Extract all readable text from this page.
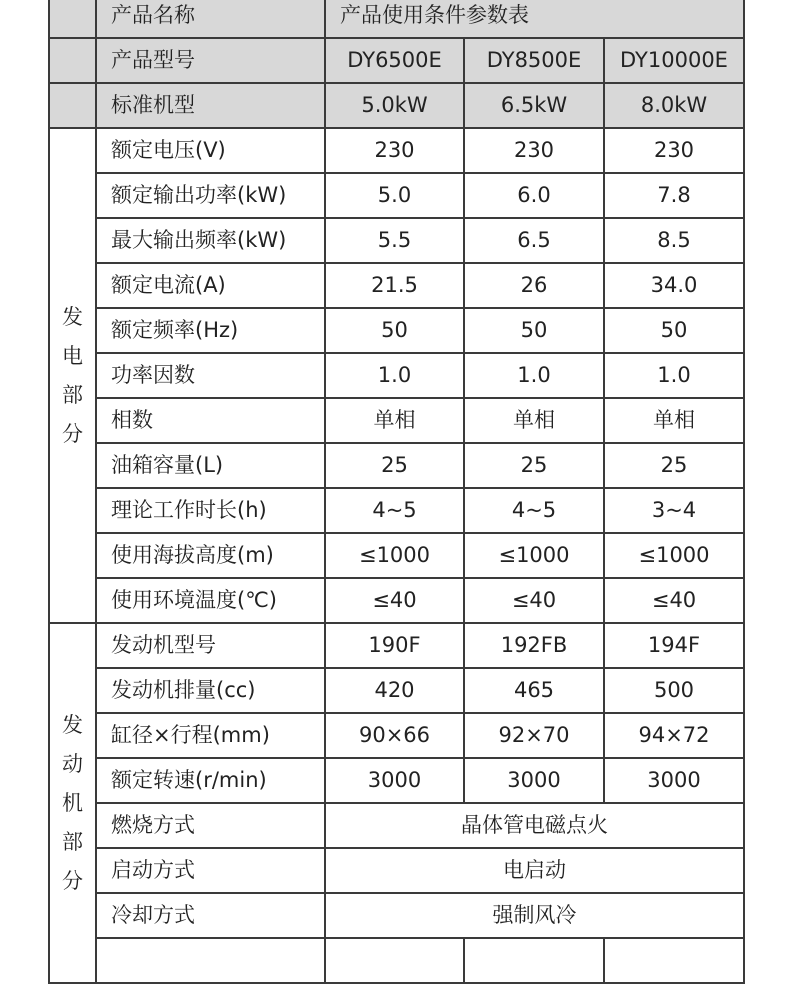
	产品名称	产品使用条件参数表		
	产品型号	DY6500E	DY8500E	DY10000E
	标准机型	5.0kW	6.5kW	8.0kW
发电部分	额定电压(V)	230	230	230
	额定输出功率(kW)	5.0	6.0	7.8
	最大输出频率(kW)	5.5	6.5	8.5
	额定电流(A)	21.5	26	34.0
	额定频率(Hz)	50	50	50
	功率因数	1.0	1.0	1.0
	相数	单相	单相	单相
	油箱容量(L)	25	25	25
	理论工作时长(h)	4~5	4~5	3~4
	使用海拔高度(m)	≤1000	≤1000	≤1000
	使用环境温度(℃)	≤40	≤40	≤40
发动机部分	发动机型号	190F	192FB	194F
	发动机排量(cc)	420	465	500
	缸径×行程(mm)	90×66	92×70	94×72
	额定转速(r/min)	3000	3000	3000
	燃烧方式	晶体管电磁点火		
	启动方式	电启动		
	冷却方式	强制风冷		
